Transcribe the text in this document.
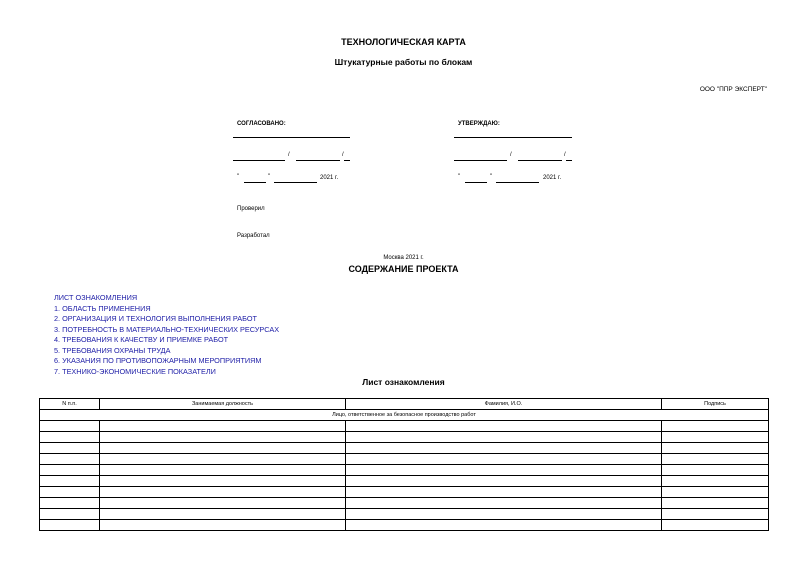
ТЕХНОЛОГИЧЕСКАЯ КАРТА
Штукатурные работы по блокам
ООО "ППР ЭКСПЕРТ"
СОГЛАСОВАНО:
/	/
"	"	2021 г.
УТВЕРЖДАЮ:
/	/
"	"	2021 г.
Проверил
Разработал
Москва 2021 г.
СОДЕРЖАНИЕ ПРОЕКТА
ЛИСТ ОЗНАКОМЛЕНИЯ
1. ОБЛАСТЬ ПРИМЕНЕНИЯ
2. ОРГАНИЗАЦИЯ И ТЕХНОЛОГИЯ ВЫПОЛНЕНИЯ РАБОТ
3. ПОТРЕБНОСТЬ В МАТЕРИАЛЬНО-ТЕХНИЧЕСКИХ РЕСУРСАХ
4. ТРЕБОВАНИЯ К КАЧЕСТВУ И ПРИЕМКЕ РАБОТ
5. ТРЕБОВАНИЯ ОХРАНЫ ТРУДА
6. УКАЗАНИЯ ПО ПРОТИВОПОЖАРНЫМ МЕРОПРИЯТИЯМ
7. ТЕХНИКО-ЭКОНОМИЧЕСКИЕ ПОКАЗАТЕЛИ
Лист ознакомления
N п.п.	Занимаемая должность	Фамилия, И.О.	Подпись
Лицо, ответственное за безопасное производство работ			
